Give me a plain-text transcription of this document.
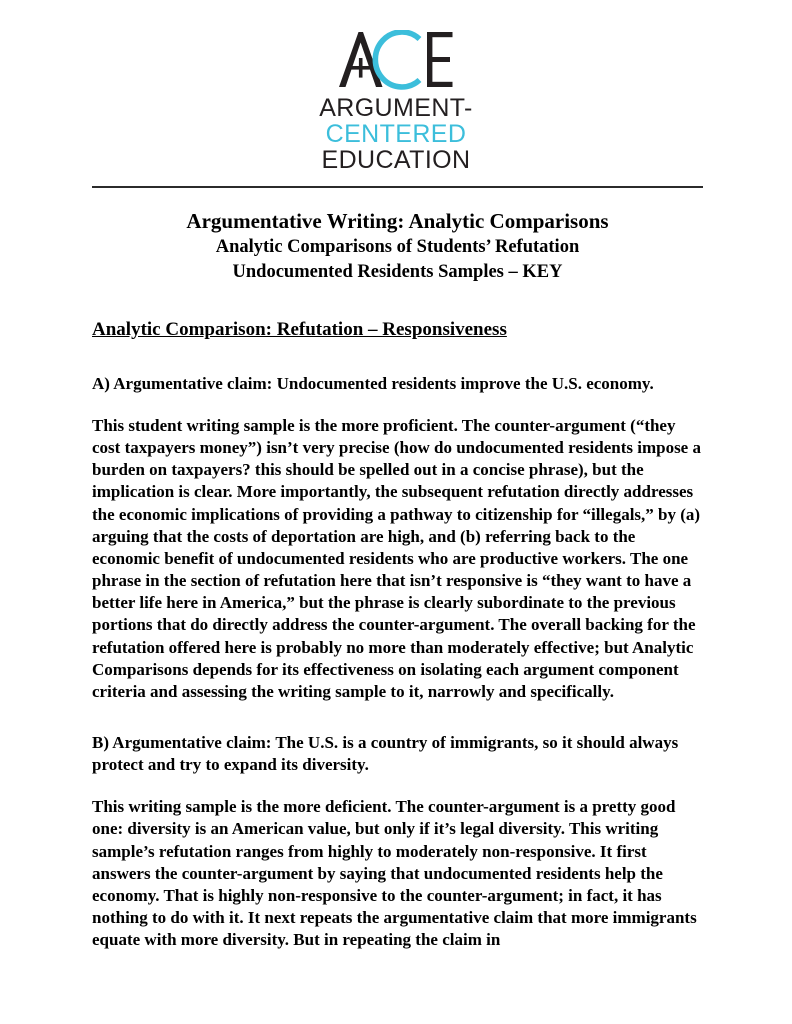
ARGUMENT-
CENTERED
EDUCATION

Argumentative Writing: Analytic Comparisons

Analytic Comparisons of Students’ Refutation

Undocumented Residents Samples – KEY

Analytic Comparison: Refutation – Responsiveness

A) Argumentative claim: Undocumented residents improve the U.S. economy.

This student writing sample is the more proficient. The counter-argument (“they cost taxpayers money”) isn’t very precise (how do undocumented residents impose a burden on taxpayers? this should be spelled out in a concise phrase), but the implication is clear. More importantly, the subsequent refutation directly addresses the economic implications of providing a pathway to citizenship for “illegals,” by (a) arguing that the costs of deportation are high, and (b) referring back to the economic benefit of undocumented residents who are productive workers. The one phrase in the section of refutation here that isn’t responsive is “they want to have a better life here in America,” but the phrase is clearly subordinate to the previous portions that do directly address the counter-argument. The overall backing for the refutation offered here is probably no more than moderately effective; but Analytic Comparisons depends for its effectiveness on isolating each argument component criteria and assessing the writing sample to it, narrowly and specifically.

B) Argumentative claim: The U.S. is a country of immigrants, so it should always protect and try to expand its diversity.

This writing sample is the more deficient. The counter-argument is a pretty good one: diversity is an American value, but only if it’s legal diversity. This writing sample’s refutation ranges from highly to moderately non-responsive. It first answers the counter-argument by saying that undocumented residents help the economy. That is highly non-responsive to the counter-argument; in fact, it has nothing to do with it. It next repeats the argumentative claim that more immigrants equate with more diversity. But in repeating the claim in
